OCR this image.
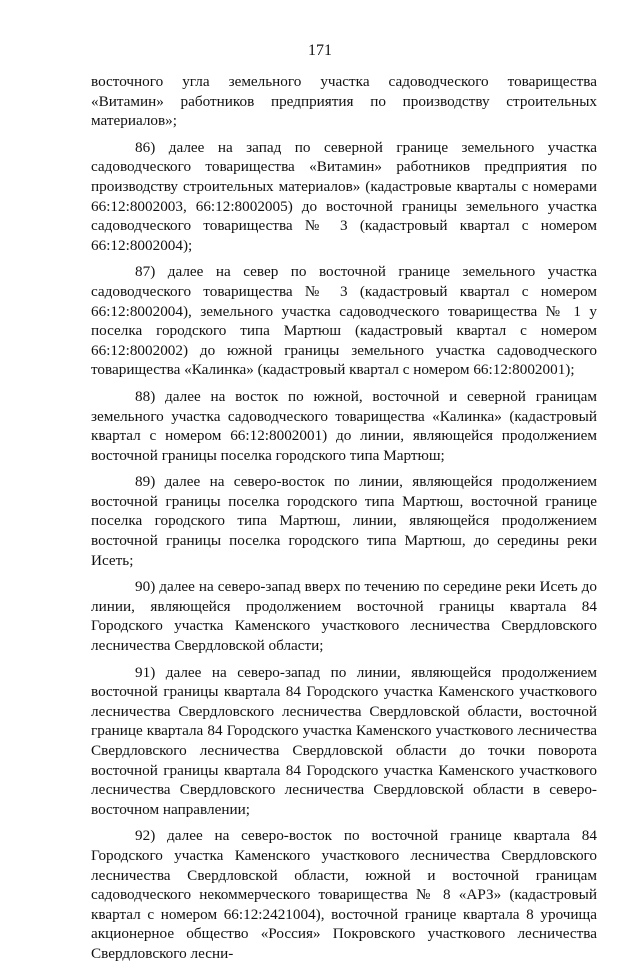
171

восточного угла земельного участка садоводческого товарищества «Витамин» работников предприятия по производству строительных материалов»;

86) далее на запад по северной границе земельного участка садоводческого товарищества «Витамин» работников предприятия по производству строительных материалов» (кадастровые кварталы с номерами 66:12:8002003, 66:12:8002005) до восточной границы земельного участка садоводческого товарищества № 3 (кадастровый квартал с номером 66:12:8002004);

87) далее на север по восточной границе земельного участка садоводческого товарищества № 3 (кадастровый квартал с номером 66:12:8002004), земельного участка садоводческого товарищества № 1 у поселка городского типа Мартюш (кадастровый квартал с номером 66:12:8002002) до южной границы земельного участка садоводческого товарищества «Калинка» (кадастровый квартал с номером 66:12:8002001);

88) далее на восток по южной, восточной и северной границам земельного участка садоводческого товарищества «Калинка» (кадастровый квартал с номером 66:12:8002001) до линии, являющейся продолжением восточной границы поселка городского типа Мартюш;

89) далее на северо-восток по линии, являющейся продолжением восточной границы поселка городского типа Мартюш, восточной границе поселка городского типа Мартюш, линии, являющейся продолжением восточной границы поселка городского типа Мартюш, до середины реки Исеть;

90) далее на северо-запад вверх по течению по середине реки Исеть до линии, являющейся продолжением восточной границы квартала 84 Городского участка Каменского участкового лесничества Свердловского лесничества Свердловской области;

91) далее на северо-запад по линии, являющейся продолжением восточной границы квартала 84 Городского участка Каменского участкового лесничества Свердловского лесничества Свердловской области, восточной границе квартала 84 Городского участка Каменского участкового лесничества Свердловского лесничества Свердловской области до точки поворота восточной границы квартала 84 Городского участка Каменского участкового лесничества Свердловского лесничества Свердловской области в северо-восточном направлении;

92) далее на северо-восток по восточной границе квартала 84 Городского участка Каменского участкового лесничества Свердловского лесничества Свердловской области, южной и восточной границам садоводческого некоммерческого товарищества № 8 «АРЗ» (кадастровый квартал с номером 66:12:2421004), восточной границе квартала 8 урочища акционерное общество «Россия» Покровского участкового лесничества Свердловского лесни-
